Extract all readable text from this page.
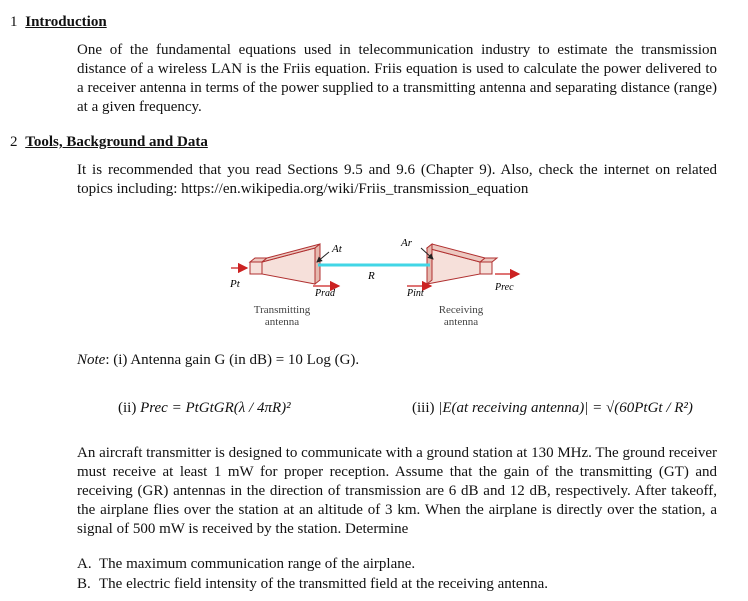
1 Introduction
One of the fundamental equations used in telecommunication industry to estimate the transmission distance of a wireless LAN is the Friis equation. Friis equation is used to calculate the power delivered to a receiver antenna in terms of the power supplied to a transmitting antenna and separating distance (range) at a given frequency.
2 Tools, Background and Data
It is recommended that you read Sections 9.5 and 9.6 (Chapter 9). Also, check the internet on related topics including: https://en.wikipedia.org/wiki/Friis_transmission_equation
At	Ar
R
Pt
Prad	Pint
Prec
Transmitting
antenna
Receiving
antenna
Note: (i) Antenna gain G (in dB) = 10 Log (G).
(ii) Prec = PtGtGR(λ / 4πR)²	(iii) |E(at receiving antenna)| = √(60PtGt / R²)
An aircraft transmitter is designed to communicate with a ground station at 130 MHz. The ground receiver must receive at least 1 mW for proper reception. Assume that the gain of the transmitting (GT) and receiving (GR) antennas in the direction of transmission are 6 dB and 12 dB, respectively. After takeoff, the airplane flies over the station at an altitude of 3 km. When the airplane is directly over the station, a signal of 500 mW is received by the station. Determine
A. The maximum communication range of the airplane.
B. The electric field intensity of the transmitted field at the receiving antenna.
